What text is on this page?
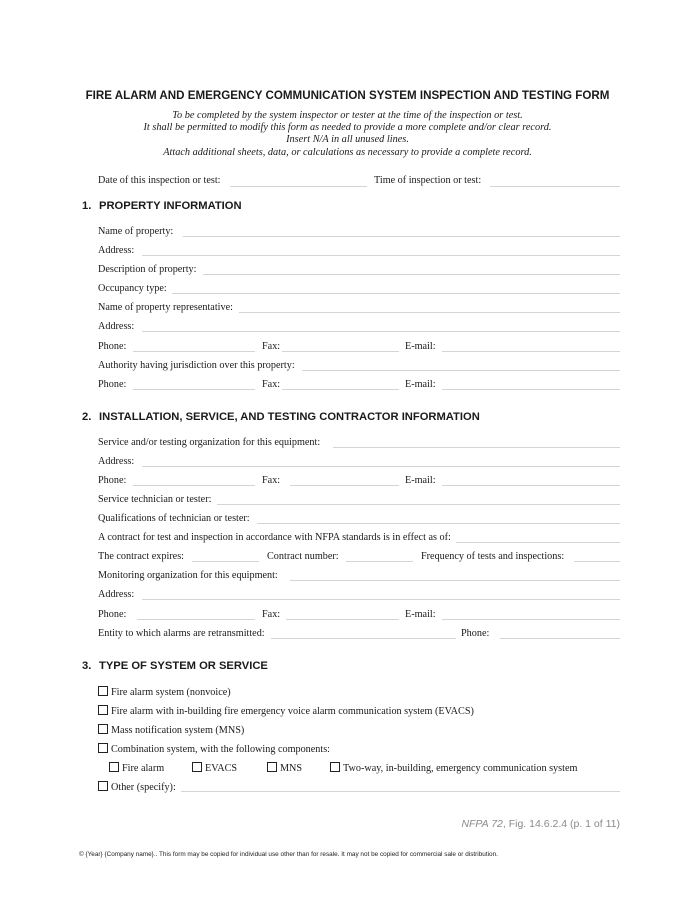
FIRE ALARM AND EMERGENCY COMMUNICATION SYSTEM INSPECTION AND TESTING FORM
To be completed by the system inspector or tester at the time of the inspection or test.
It shall be permitted to modify this form as needed to provide a more complete and/or clear record.
Insert N/A in all unused lines.
Attach additional sheets, data, or calculations as necessary to provide a complete record.
Date of this inspection or test:	Time of inspection or test:
1. PROPERTY INFORMATION
Name of property:
Address:
Description of property:
Occupancy type:
Name of property representative:
Address:
Phone:	Fax:	E-mail:
Authority having jurisdiction over this property:
Phone:	Fax:	E-mail:
2. INSTALLATION, SERVICE, AND TESTING CONTRACTOR INFORMATION
Service and/or testing organization for this equipment:
Address:
Phone:	Fax:	E-mail:
Service technician or tester:
Qualifications of technician or tester:
A contract for test and inspection in accordance with NFPA standards is in effect as of:
The contract expires:	Contract number:	Frequency of tests and inspections:
Monitoring organization for this equipment:
Address:
Phone:	Fax:	E-mail:
Entity to which alarms are retransmitted:	Phone:
3. TYPE OF SYSTEM OR SERVICE
Fire alarm system (nonvoice)
Fire alarm with in-building fire emergency voice alarm communication system (EVACS)
Mass notification system (MNS)
Combination system, with the following components:
Fire alarm	EVACS	MNS	Two-way, in-building, emergency communication system
Other (specify):
NFPA 72, Fig. 14.6.2.4 (p. 1 of 11)
© {Year} {Company name}.. This form may be copied for individual use other than for resale. It may not be copied for commercial sale or distribution.
